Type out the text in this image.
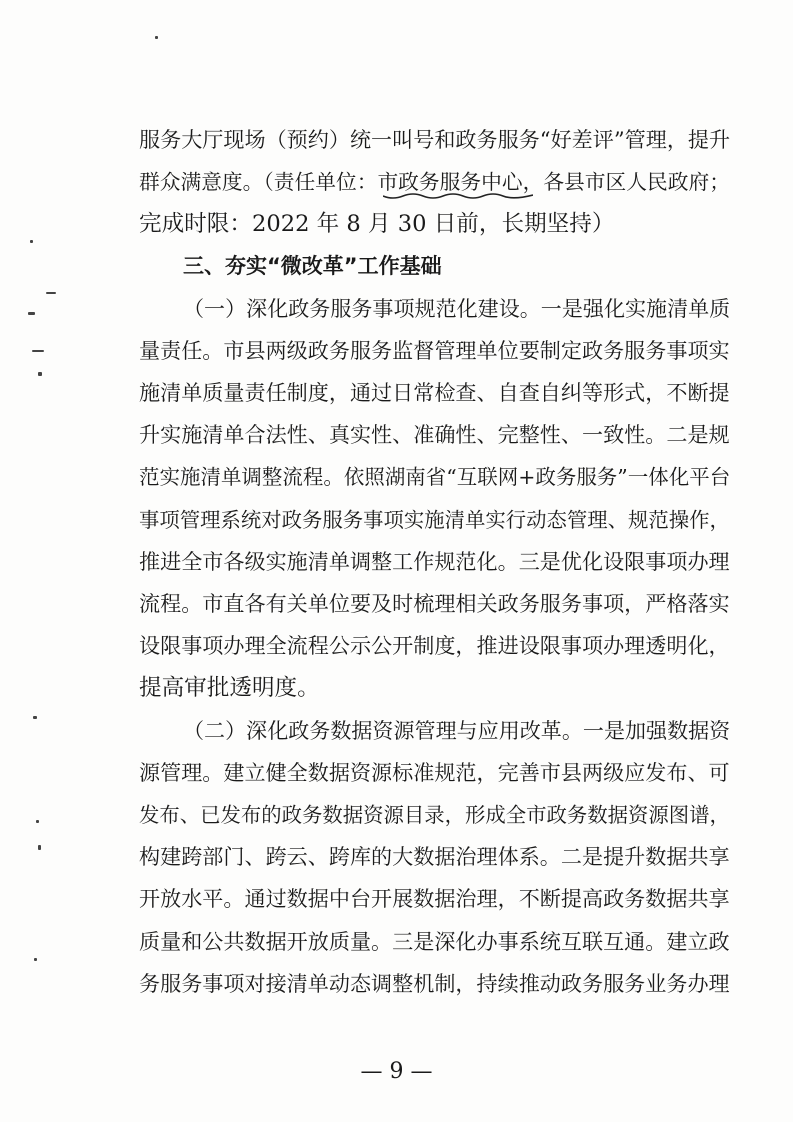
服务大厅现场（预约）统一叫号和政务服务“好差评”管理，提升
群众满意度。（责任单位：市政务服务中心，各县市区人民政府；
完成时限：2022 年 8 月 30 日前，长期坚持）
三、夯实“微改革”工作基础
（一）深化政务服务事项规范化建设。一是强化实施清单质
量责任。市县两级政务服务监督管理单位要制定政务服务事项实
施清单质量责任制度，通过日常检查、自查自纠等形式，不断提
升实施清单合法性、真实性、准确性、完整性、一致性。二是规
范实施清单调整流程。依照湖南省“互联网+政务服务”一体化平台
事项管理系统对政务服务事项实施清单实行动态管理、规范操作，
推进全市各级实施清单调整工作规范化。三是优化设限事项办理
流程。市直各有关单位要及时梳理相关政务服务事项，严格落实
设限事项办理全流程公示公开制度，推进设限事项办理透明化，
提高审批透明度。
（二）深化政务数据资源管理与应用改革。一是加强数据资
源管理。建立健全数据资源标准规范，完善市县两级应发布、可
发布、已发布的政务数据资源目录，形成全市政务数据资源图谱，
构建跨部门、跨云、跨库的大数据治理体系。二是提升数据共享
开放水平。通过数据中台开展数据治理，不断提高政务数据共享
质量和公共数据开放质量。三是深化办事系统互联互通。建立政
务服务事项对接清单动态调整机制，持续推动政务服务业务办理
— 9 —
